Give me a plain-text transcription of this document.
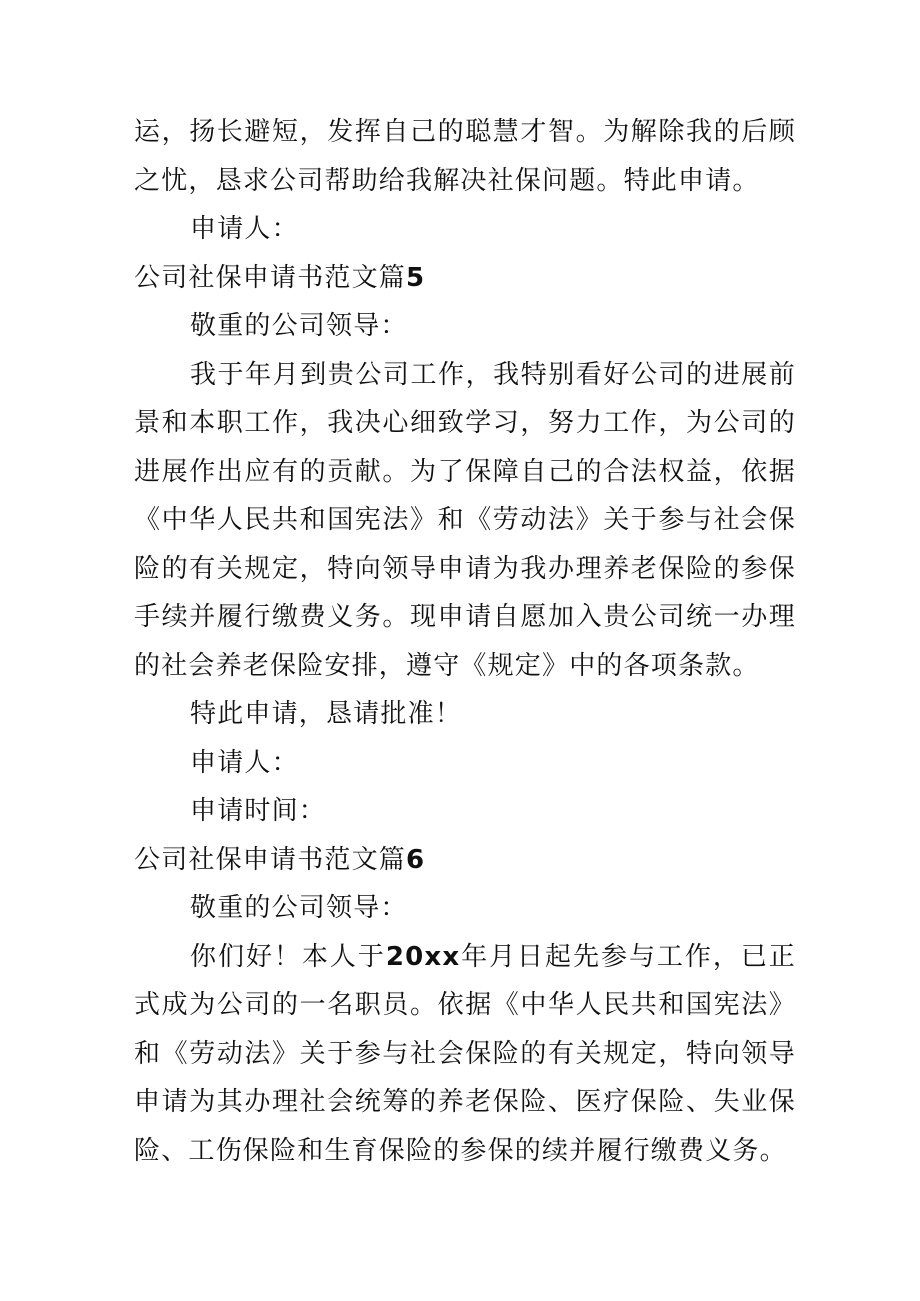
运，扬长避短，发挥自己的聪慧才智。为解除我的后顾之忧，恳求公司帮助给我解决社保问题。特此申请。

申请人：

公司社保申请书范文篇5

敬重的公司领导：

我于年月到贵公司工作，我特别看好公司的进展前景和本职工作，我决心细致学习，努力工作，为公司的进展作出应有的贡献。为了保障自己的合法权益，依据《中华人民共和国宪法》和《劳动法》关于参与社会保险的有关规定，特向领导申请为我办理养老保险的参保手续并履行缴费义务。现申请自愿加入贵公司统一办理的社会养老保险安排，遵守《规定》中的各项条款。

特此申请，恳请批准！

申请人：

申请时间：

公司社保申请书范文篇6

敬重的公司领导：

你们好！本人于20xx年月日起先参与工作，已正式成为公司的一名职员。依据《中华人民共和国宪法》和《劳动法》关于参与社会保险的有关规定，特向领导申请为其办理社会统筹的养老保险、医疗保险、失业保险、工伤保险和生育保险的参保的续并履行缴费义务。
